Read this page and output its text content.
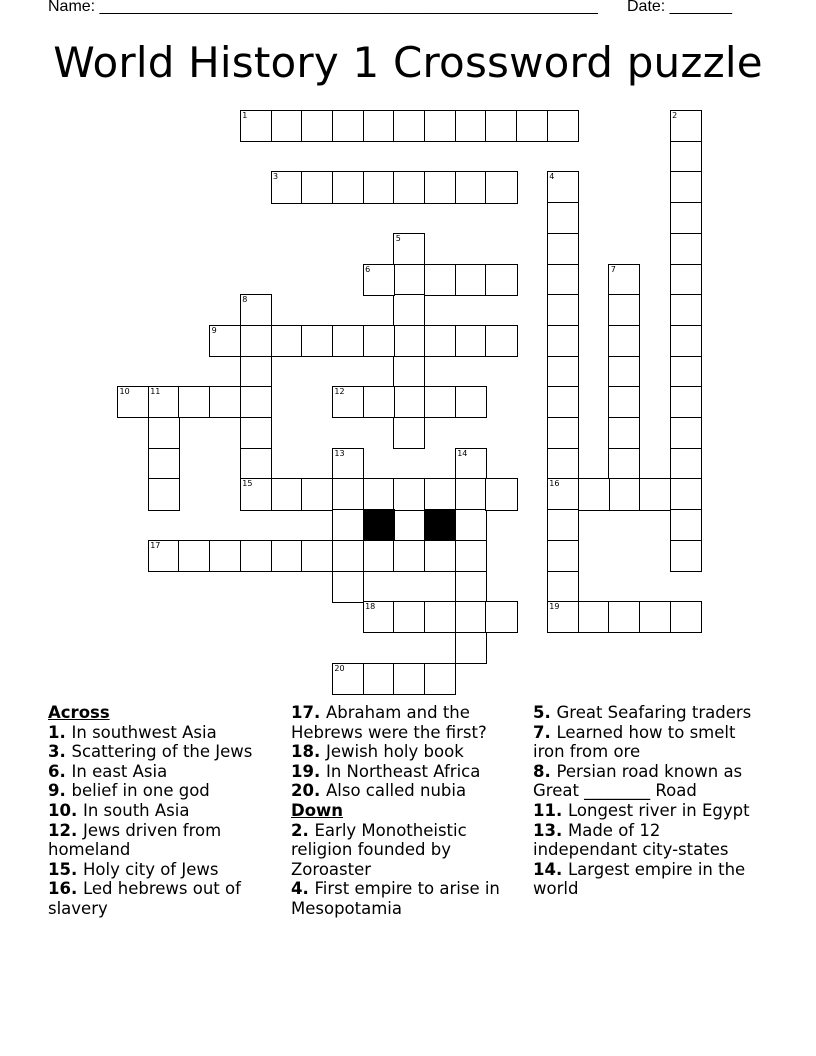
Name: ________________________________________________________ Date: _______
World History 1 Crossword puzzle
1	2
3	4
5
6	7
8
9
10	11	12
13	14
15	16
17
18	19
20
Across
1. In southwest Asia
3. Scattering of the Jews
6. In east Asia
9. belief in one god
10. In south Asia
12. Jews driven from homeland
15. Holy city of Jews
16. Led hebrews out of slavery
17. Abraham and the Hebrews were the first?
18. Jewish holy book
19. In Northeast Africa
20. Also called nubia
Down
2. Early Monotheistic religion founded by Zoroaster
4. First empire to arise in Mesopotamia
5. Great Seafaring traders
7. Learned how to smelt iron from ore
8. Persian road known as Great ________ Road
11. Longest river in Egypt
13. Made of 12 independant city-states
14. Largest empire in the world
